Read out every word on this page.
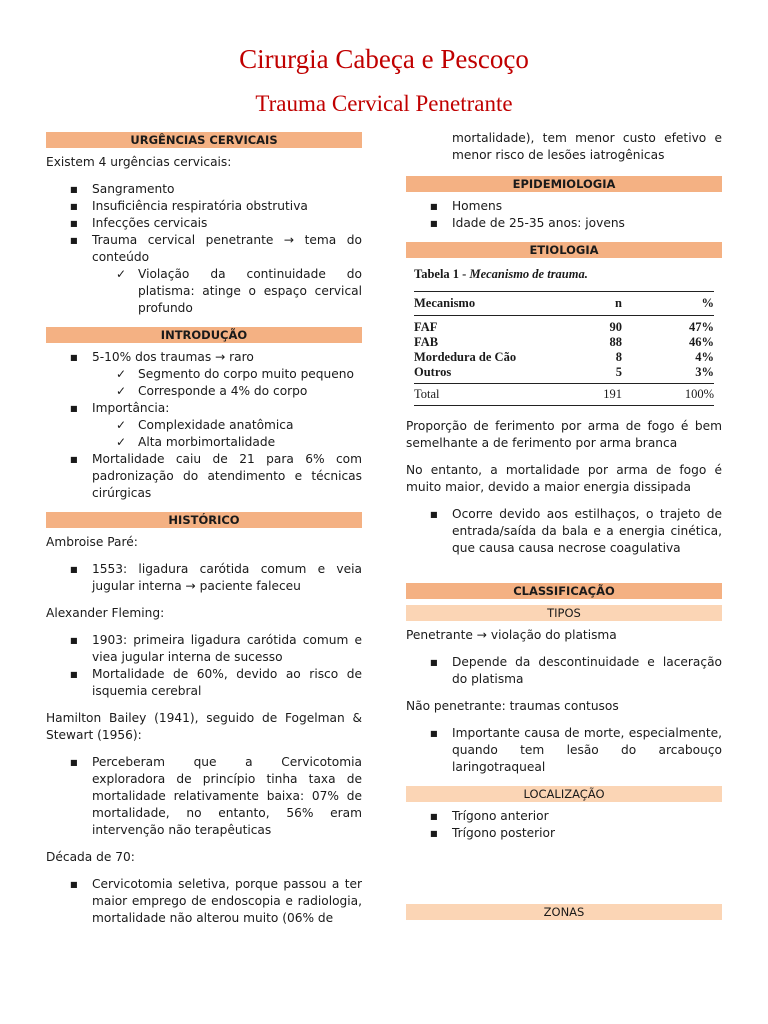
Cirurgia Cabeça e Pescoço
Trauma Cervical Penetrante
URGÊNCIAS CERVICAIS
Existem 4 urgências cervicais:
■ Sangramento
■ Insuficiência respiratória obstrutiva
■ Infecções cervicais
■ Trauma cervical penetrante → tema do conteúdo
✓ Violação da continuidade do platismа: atinge o espaço cervical profundo
INTRODUÇÃO
■ 5-10% dos traumas → raro
✓ Segmento do corpo muito pequeno
✓ Corresponde a 4% do corpo
■ Importância:
✓ Complexidade anatômica
✓ Alta morbimortalidade
■ Mortalidade caiu de 21 para 6% com padronização do atendimento e técnicas cirúrgicas
HISTÓRICO
Ambroise Paré:
■ 1553: ligadura carótida comum e veia jugular interna → paciente faleceu
Alexander Fleming:
■ 1903: primeira ligadura carótida comum e viea jugular interna de sucesso
■ Mortalidade de 60%, devido ao risco de isquemia cerebral
Hamilton Bailey (1941), seguido de Fogelman & Stewart (1956):
■ Perceberam que a Cervicotomia exploradora de princípio tinha taxa de mortalidade relativamente baixa: 07% de mortalidade, no entanto, 56% eram intervenção não terapêuticas
Década de 70:
■ Cervicotomia seletiva, porque passou a ter maior emprego de endoscopia e radiologia, mortalidade não alterou muito (06% de
mortalidade), tem menor custo efetivo e menor risco de lesões iatrogênicas
EPIDEMIOLOGIA
■ Homens
■ Idade de 25-35 anos: jovens
ETIOLOGIA
Tabela 1 - Mecanismo de trauma.
Mecanismo	n	%
FAF	90	47%
FAB	88	46%
Mordedura de Cão	8	4%
Outros	5	3%
Total	191	100%
Proporção de ferimento por arma de fogo é bem semelhante a de ferimento por arma branca
No entanto, a mortalidade por arma de fogo é muito maior, devido a maior energia dissipada
■ Ocorre devido aos estilhaços, o trajeto de entrada/saída da bala e a energia cinética, que causa causa necrose coagulativa
CLASSIFICAÇÃO
TIPOS
Penetrante → violação do platisma
■ Depende da descontinuidade e laceração do platisma
Não penetrante: traumas contusos
■ Importante causa de morte, especialmente, quando tem lesão do arcabouço laringotraqueal
LOCALIZAÇÃO
■ Trígono anterior
■ Trígono posterior
ZONAS
